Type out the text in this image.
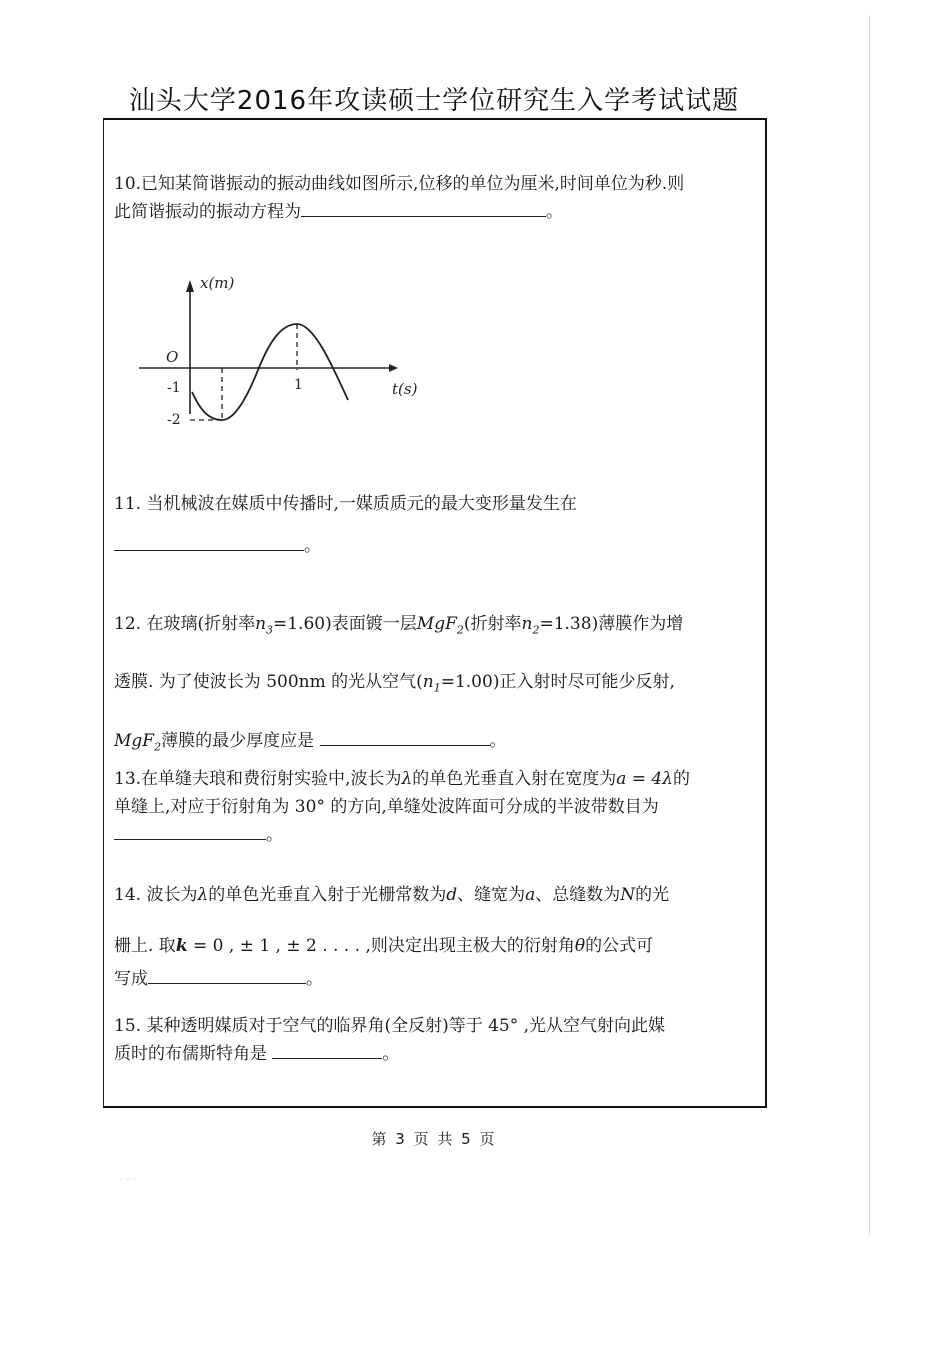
汕头大学2016年攻读硕士学位研究生入学考试试题
10.已知某简谐振动的振动曲线如图所示,位移的单位为厘米,时间单位为秒.则
此简谐振动的振动方程为	。
x(m)
t(s)
O
-1
-2
1
11. 当机械波在媒质中传播时,一媒质质元的最大变形量发生在
。
12. 在玻璃(折射率$n_3=1.60$)表面镀一层MgF$_2$(折射率$n_2=1.38$)薄膜作为增
透膜. 为了使波长为 500nm 的光从空气$(n_1=1.00)$正入射时尽可能少反射,
MgF$_2$薄膜的最少厚度应是	。
13.在单缝夫琅和费衍射实验中,波长为λ的单色光垂直入射在宽度为a = 4λ的
单缝上,对应于衍射角为 30° 的方向,单缝处波阵面可分成的半波带数目为
。
14. 波长为λ的单色光垂直入射于光栅常数为d、缝宽为a、总缝数为N的光
栅上. 取k = 0 , ± 1 , ± 2 . . . . ,则决定出现主极大的衍射角θ的公式可
写成	。
15. 某种透明媒质对于空气的临界角(全反射)等于 45° ,光从空气射向此媒
质时的布儒斯特角是	。
第 3 页 共 5 页
· · ·
